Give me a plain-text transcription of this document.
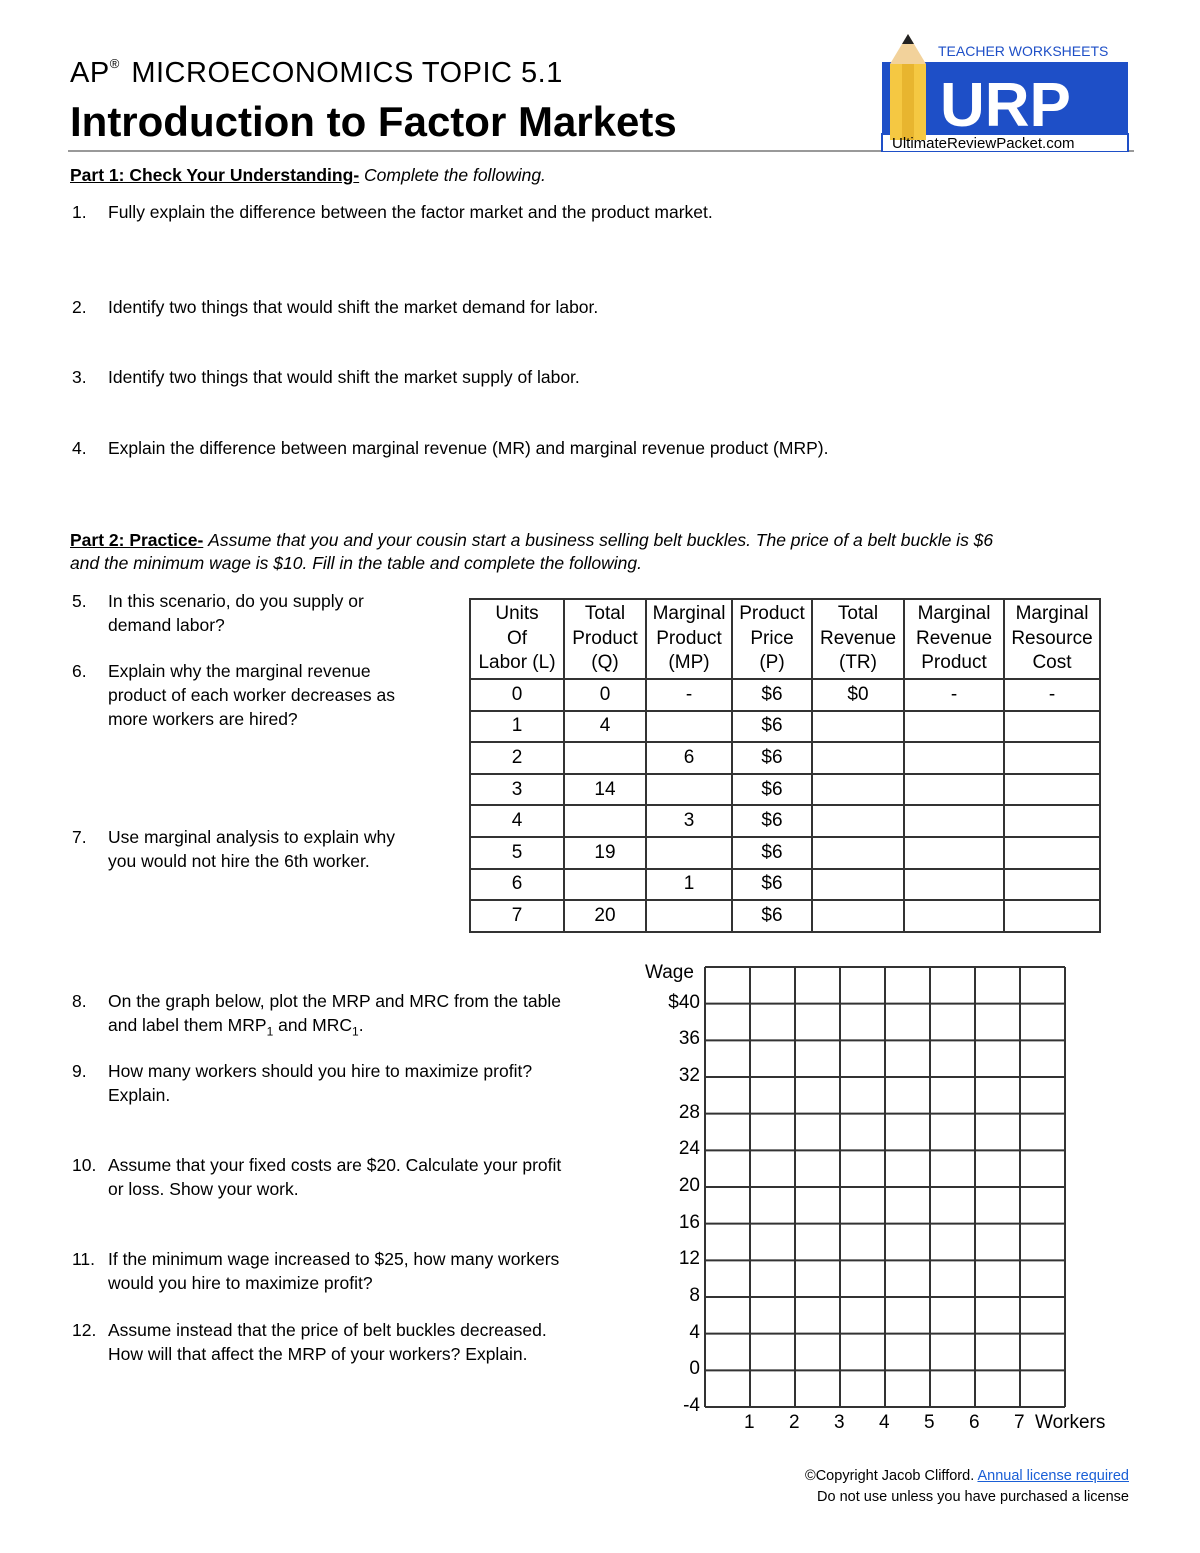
AP® MICROECONOMICS TOPIC 5.1
Introduction to Factor Markets
TEACHER WORKSHEETS
URP
UltimateReviewPacket.com
Part 1: Check Your Understanding- Complete the following.
1. Fully explain the difference between the factor market and the product market.
2. Identify two things that would shift the market demand for labor.
3. Identify two things that would shift the market supply of labor.
4. Explain the difference between marginal revenue (MR) and marginal revenue product (MRP).
Part 2: Practice- Assume that you and your cousin start a business selling belt buckles. The price of a belt buckle is $6
and the minimum wage is $10. Fill in the table and complete the following.
5. In this scenario, do you supply or
demand labor?
6. Explain why the marginal revenue
product of each worker decreases as
more workers are hired?
7. Use marginal analysis to explain why
you would not hire the 6th worker.
Units
Of
Labor (L)	Total
Product
(Q)	Marginal
Product
(MP)	Product
Price
(P)	Total
Revenue
(TR)	Marginal
Revenue
Product	Marginal
Resource
Cost
0	0	-	$6	$0	-	-
1	4		$6			
2		6	$6			
3	14		$6			
4		3	$6			
5	19		$6			
6		1	$6			
7	20		$6			
8. On the graph below, plot the MRP and MRC from the table
and label them $MRP_1$ and $MRC_1$.
9. How many workers should you hire to maximize profit?
Explain.
10. Assume that your fixed costs are $20. Calculate your profit
or loss. Show your work.
11. If the minimum wage increased to $25, how many workers
would you hire to maximize profit?
12. Assume instead that the price of belt buckles decreased.
How will that affect the MRP of your workers? Explain.
Wage
$40
36
32
28
24
20
16
12
8
4
0
-4
1 2 3 4 5 6 7 Workers
©Copyright Jacob Clifford. Annual license required
Do not use unless you have purchased a license
